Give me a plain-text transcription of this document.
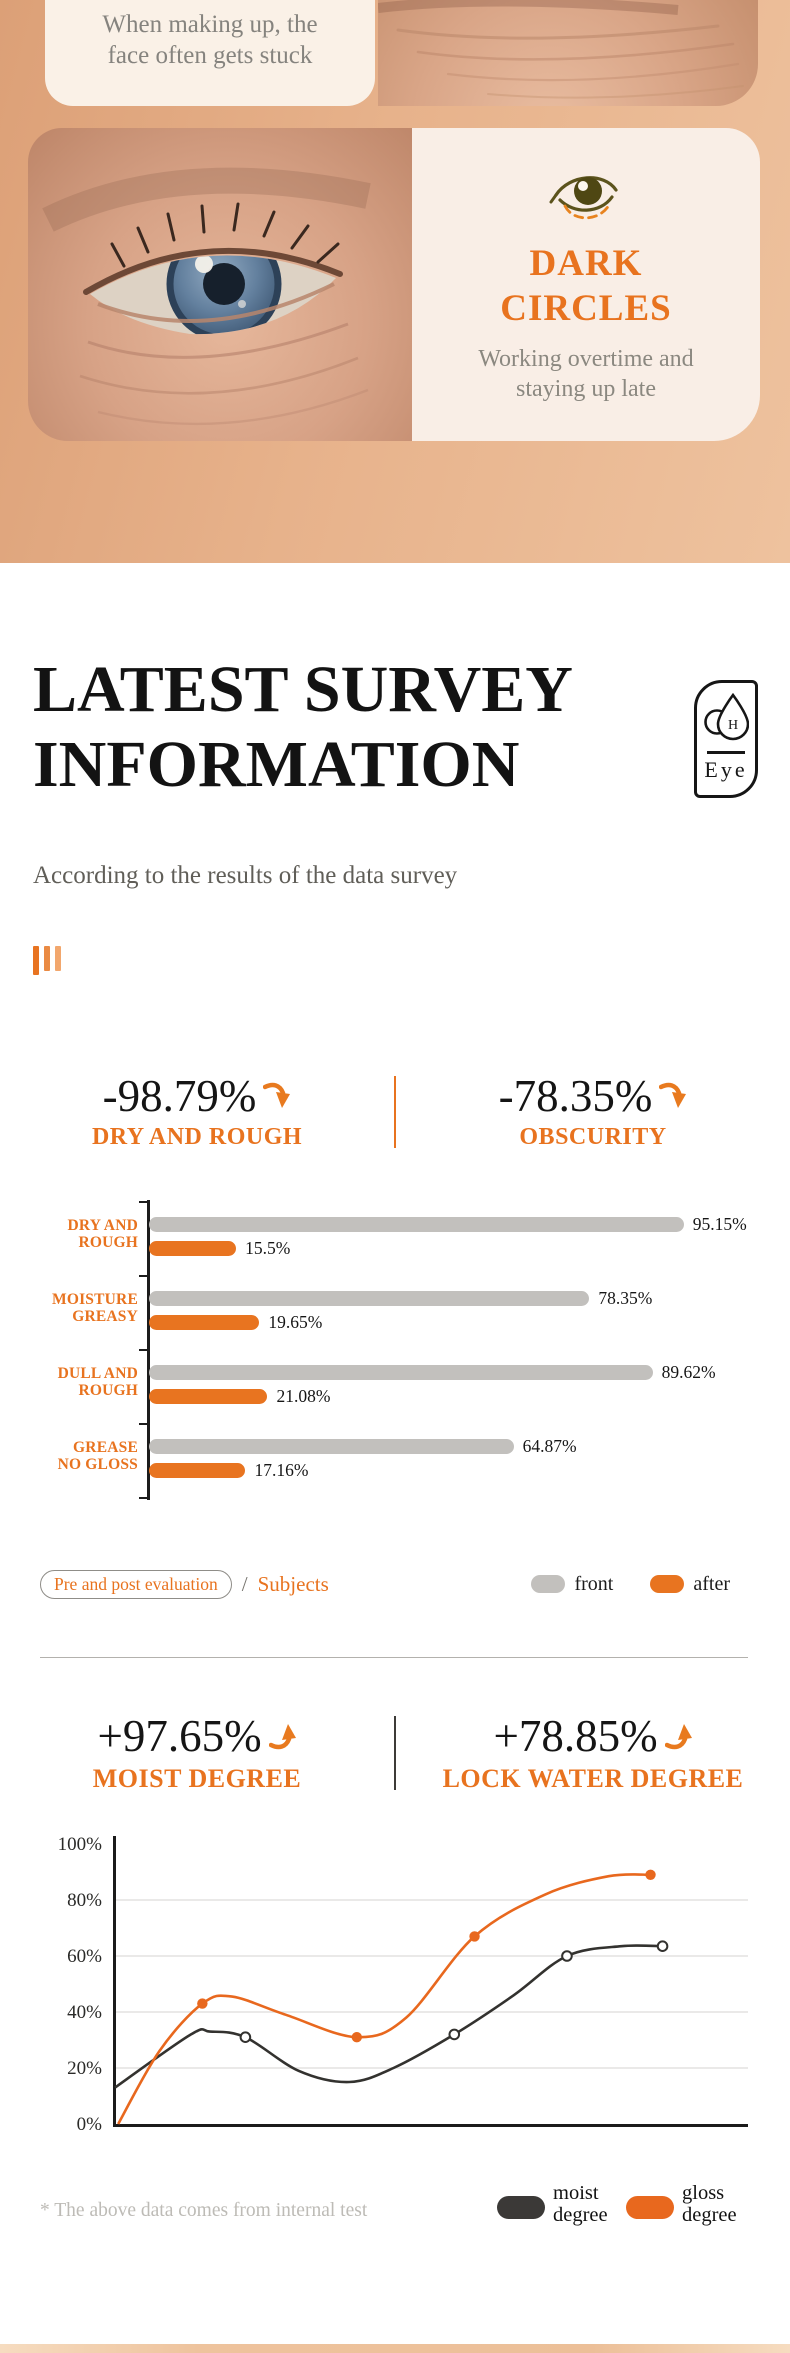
When making up, the
face often gets stuck
DARK
CIRCLES
Working overtime and
staying up late
LATEST SURVEY
INFORMATION
H
Eye
According to the results of the data survey
-98.79%
DRY AND ROUGH
-78.35%
OBSCURITY
DRY AND
ROUGH
95.15%
15.5%
MOISTURE
GREASY
78.35%
19.65%
DULL AND
ROUGH
89.62%
21.08%
GREASE
NO GLOSS
64.87%
17.16%
Pre and post evaluation	/ Subjects	front	after
+97.65%
MOIST DEGREE
+78.85%
LOCK WATER DEGREE
0%
20%
40%
60%
80%
100%
* The above data comes from internal test
moist
degree
gloss
degree
